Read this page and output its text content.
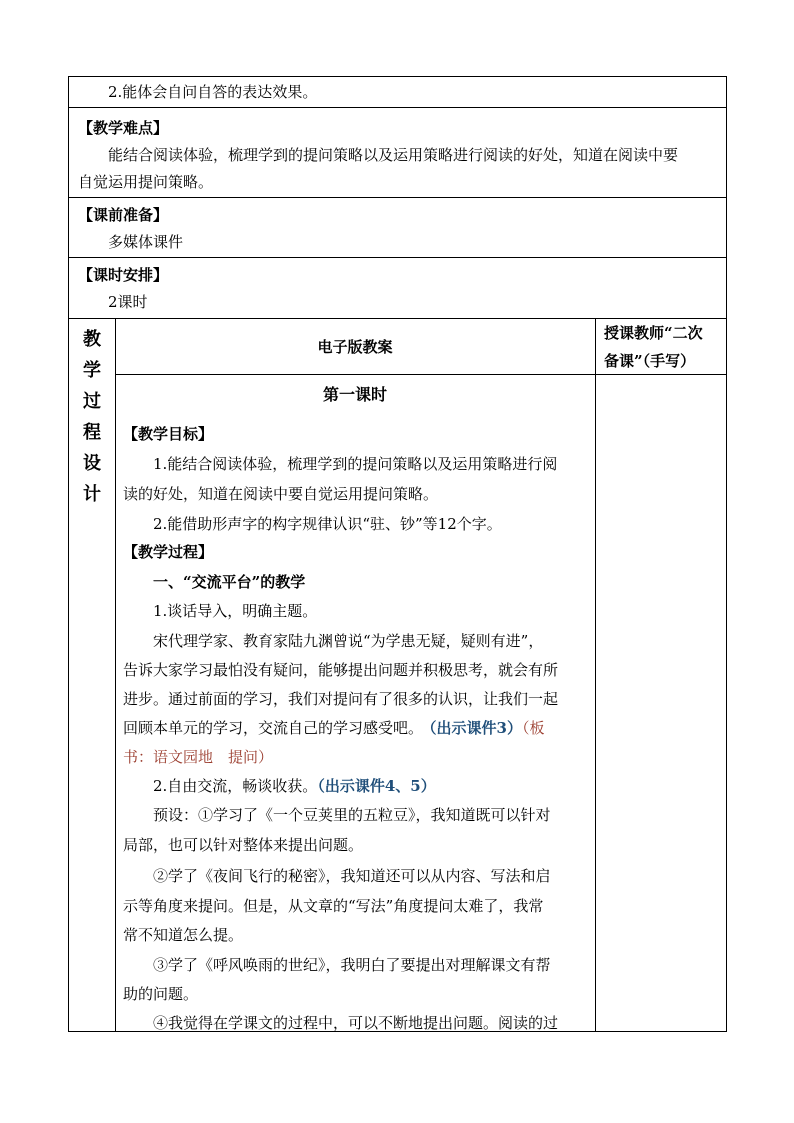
2.能体会自问自答的表达效果。
【教学难点】
能结合阅读体验，梳理学到的提问策略以及运用策略进行阅读的好处，知道在阅读中要
自觉运用提问策略。
【课前准备】
多媒体课件
【课时安排】
2课时
教
学
过
程
设
计
电子版教案
授课教师“二次
备课”（手写）
第一课时
【教学目标】
1.能结合阅读体验，梳理学到的提问策略以及运用策略进行阅
读的好处，知道在阅读中要自觉运用提问策略。
2.能借助形声字的构字规律认识“驻、钞”等12个字。
【教学过程】
一、“交流平台”的教学
1.谈话导入，明确主题。
宋代理学家、教育家陆九渊曾说“为学患无疑，疑则有进”，
告诉大家学习最怕没有疑问，能够提出问题并积极思考，就会有所
进步。通过前面的学习，我们对提问有了很多的认识，让我们一起
回顾本单元的学习，交流自己的学习感受吧。 （出示课件3）（板
书：语文园地　提问）
2.自由交流，畅谈收获。（出示课件4、5）
预设：①学习了《一个豆荚里的五粒豆》，我知道既可以针对
局部，也可以针对整体来提出问题。
②学了《夜间飞行的秘密》，我知道还可以从内容、写法和启
示等角度来提问。但是，从文章的“写法”角度提问太难了，我常
常不知道怎么提。
③学了《呼风唤雨的世纪》，我明白了要提出对理解课文有帮
助的问题。
④我觉得在学课文的过程中，可以不断地提出问题。阅读的过
